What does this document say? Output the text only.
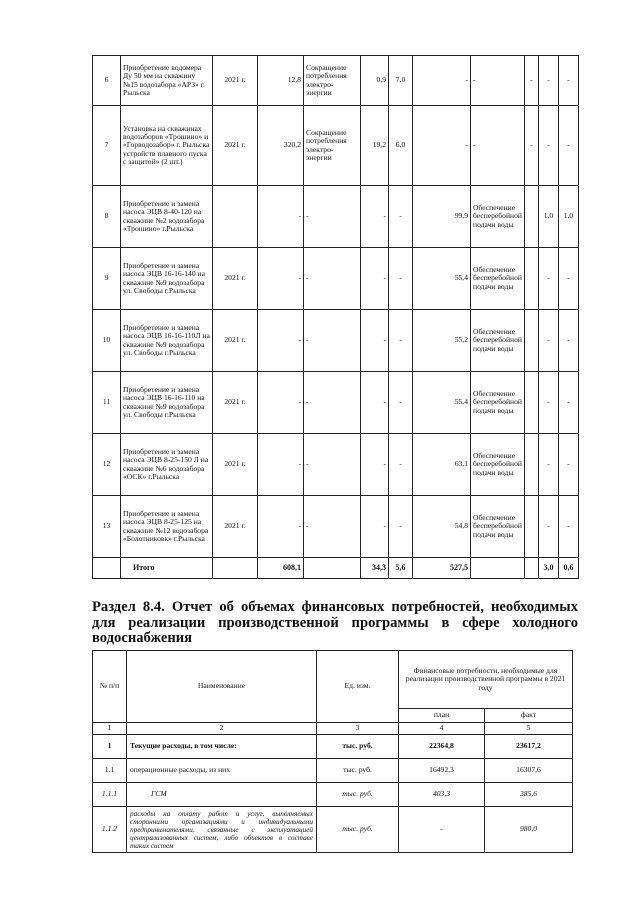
6	Приобретение водомера Ду 50 мм на скважину №15 водозабора «АРЗ» г. Рыльска	2021 г.	12,8	Сокращение потребления электро-энергии	0,9	7,0	-	-	-	-	-
7	Установка на скважинах водозаборов «Трошино» и «Горводозабор» г. Рыльска устройств плавного пуска с защитой» (2 шт.)	2021 г.	320,2	Сокращение потребления электро-энергии	19,2	6,0	-	-	-	-	-
8	Приобретение и замена насоса ЭЦВ 8-40-120 на скважине №2 водозабора «Трошино» г.Рыльска		-	-	-	-	99,9	Обеспечение бесперебойной подачи воды		1,0	1,0
9	Приобретение и замена насоса ЭЦВ 16-16-140 на скважине №9 водозабора ул. Свободы г.Рыльска	2021 г.	-	-	-	-	55,4	Обеспечение бесперебойной подачи воды		-	-
10	Приобретение и замена насоса ЭЦВ 16-16-110Л на скважине №9 водозабора ул. Свободы г.Рыльска	2021 г.	-	-	-	-	55,2	Обеспечение бесперебойной подачи воды		-	-
11	Приобретение и замена насоса ЭЦВ 16-16-110 на скважине №9 водозабора ул. Свободы г.Рыльска	2021 г.	-	-	-	-	55,4	Обеспечение бесперебойной подачи воды		-	-
12	Приобретение и замена насоса ЭЦВ 8-25-150 Л на скважине №6 водозабора «ОСК» г.Рыльска	2021 г.	-	-	-	-	63,1	Обеспечение бесперебойной подачи воды		-	-
13	Приобретение и замена насоса ЭЦВ 8-25-125 на скважине №12 водозабора «Болотниковк» г.Рыльска	2021 г.	-	-	-	-	54,8	Обеспечение бесперебойной подачи воды		-	-
	Итого		608,1		34,3	5,6	527,5			3,0	0,6
Раздел 8.4. Отчет об объемах финансовых потребностей, необходимых для реализации производственной программы в сфере холодного водоснабжения
№ п/п	Наименование	Ед. изм.	Финансовые потребности, необходимые для реализации производственной программы в 2021 году	
			план	факт
1	2	3	4	5
1	Текущие расходы, в том числе:	тыс. руб.	22364,8	23617,2
1.1	операционные расходы, из них	тыс. руб.	16492,3	16307,6
1.1.1	ГСМ	тыс. руб.	403,3	385,6
1.1.2	расходы на оплату работ и услуг, выполняемых сторонними организациями и индивидуальными предпринимателями, связанные с эксплуатацией централизованных систем, либо объектов в составе таких систем	тыс. руб.	-	980,0
